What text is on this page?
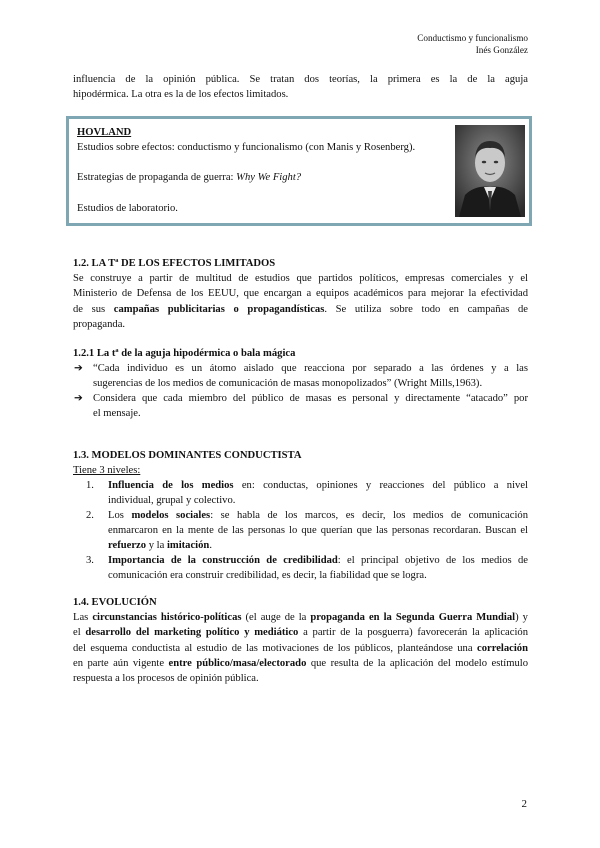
Conductismo y funcionalismo
Inés González
influencia de la opinión pública. Se tratan dos teorías, la primera es la de la aguja
hipodérmica. La otra es la de los efectos limitados.
HOVLAND
Estudios sobre efectos: conductismo y funcionalismo (con Manis y Rosenberg).
Estrategias de propaganda de guerra: Why We Fight?
Estudios de laboratorio.
1.2. LA Tª DE LOS EFECTOS LIMITADOS
Se construye a partir de multitud de estudios que partidos políticos, empresas comerciales y el
Ministerio de Defensa de los EEUU, que encargan a equipos académicos para mejorar la efectividad
de sus campañas publicitarias o propagandísticas. Se utiliza sobre todo en campañas de
propaganda.
1.2.1 La tª de la aguja hipodérmica o bala mágica
➔ “Cada individuo es un átomo aislado que reacciona por separado a las órdenes y a las
sugerencias de los medios de comunicación de masas monopolizados” (Wright Mills,1963).
➔ Considera que cada miembro del público de masas es personal y directamente “atacado” por
el mensaje.
1.3. MODELOS DOMINANTES CONDUCTISTA
Tiene 3 niveles:
1. Influencia de los medios en: conductas, opiniones y reacciones del público a nivel
individual, grupal y colectivo.
2. Los modelos sociales: se habla de los marcos, es decir, los medios de comunicación
enmarcaron en la mente de las personas lo que querían que las personas recordaran. Buscan el
refuerzo y la imitación.
3. Importancia de la construcción de credibilidad: el principal objetivo de los medios de
comunicación era construir credibilidad, es decir, la fiabilidad que se logra.
1.4. EVOLUCIÓN
Las circunstancias histórico-políticas (el auge de la propaganda en la Segunda Guerra Mundial) y
el desarrollo del marketing político y mediático a partir de la posguerra) favorecerán la aplicación
del esquema conductista al estudio de las motivaciones de los públicos, planteándose una correlación
en parte aún vigente entre público/masa/electorado que resulta de la aplicación del modelo estímulo
respuesta a los procesos de opinión pública.
2
